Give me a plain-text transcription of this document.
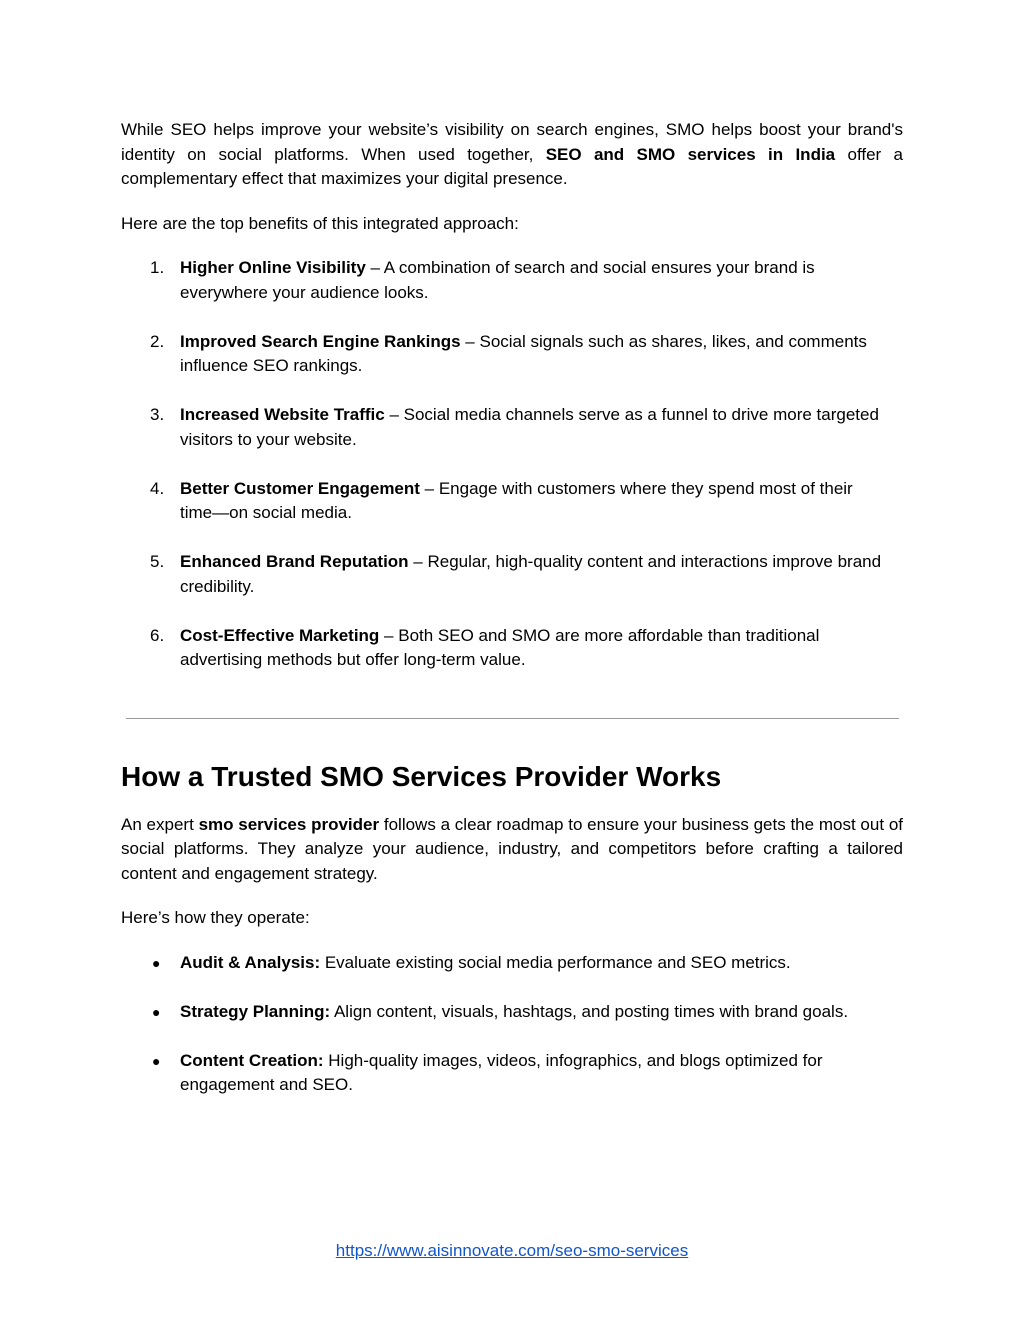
While SEO helps improve your website’s visibility on search engines, SMO helps boost your brand's identity on social platforms. When used together, SEO and SMO services in India offer a complementary effect that maximizes your digital presence.

Here are the top benefits of this integrated approach:

1. Higher Online Visibility – A combination of search and social ensures your brand is everywhere your audience looks.
2. Improved Search Engine Rankings – Social signals such as shares, likes, and comments influence SEO rankings.
3. Increased Website Traffic – Social media channels serve as a funnel to drive more targeted visitors to your website.
4. Better Customer Engagement – Engage with customers where they spend most of their time—on social media.
5. Enhanced Brand Reputation – Regular, high-quality content and interactions improve brand credibility.
6. Cost-Effective Marketing – Both SEO and SMO are more affordable than traditional advertising methods but offer long-term value.
How a Trusted SMO Services Provider Works

An expert smo services provider follows a clear roadmap to ensure your business gets the most out of social platforms. They analyze your audience, industry, and competitors before crafting a tailored content and engagement strategy.

Here’s how they operate:

● Audit & Analysis: Evaluate existing social media performance and SEO metrics.
● Strategy Planning: Align content, visuals, hashtags, and posting times with brand goals.
● Content Creation: High-quality images, videos, infographics, and blogs optimized for engagement and SEO.
https://www.aisinnovate.com/seo-smo-services
